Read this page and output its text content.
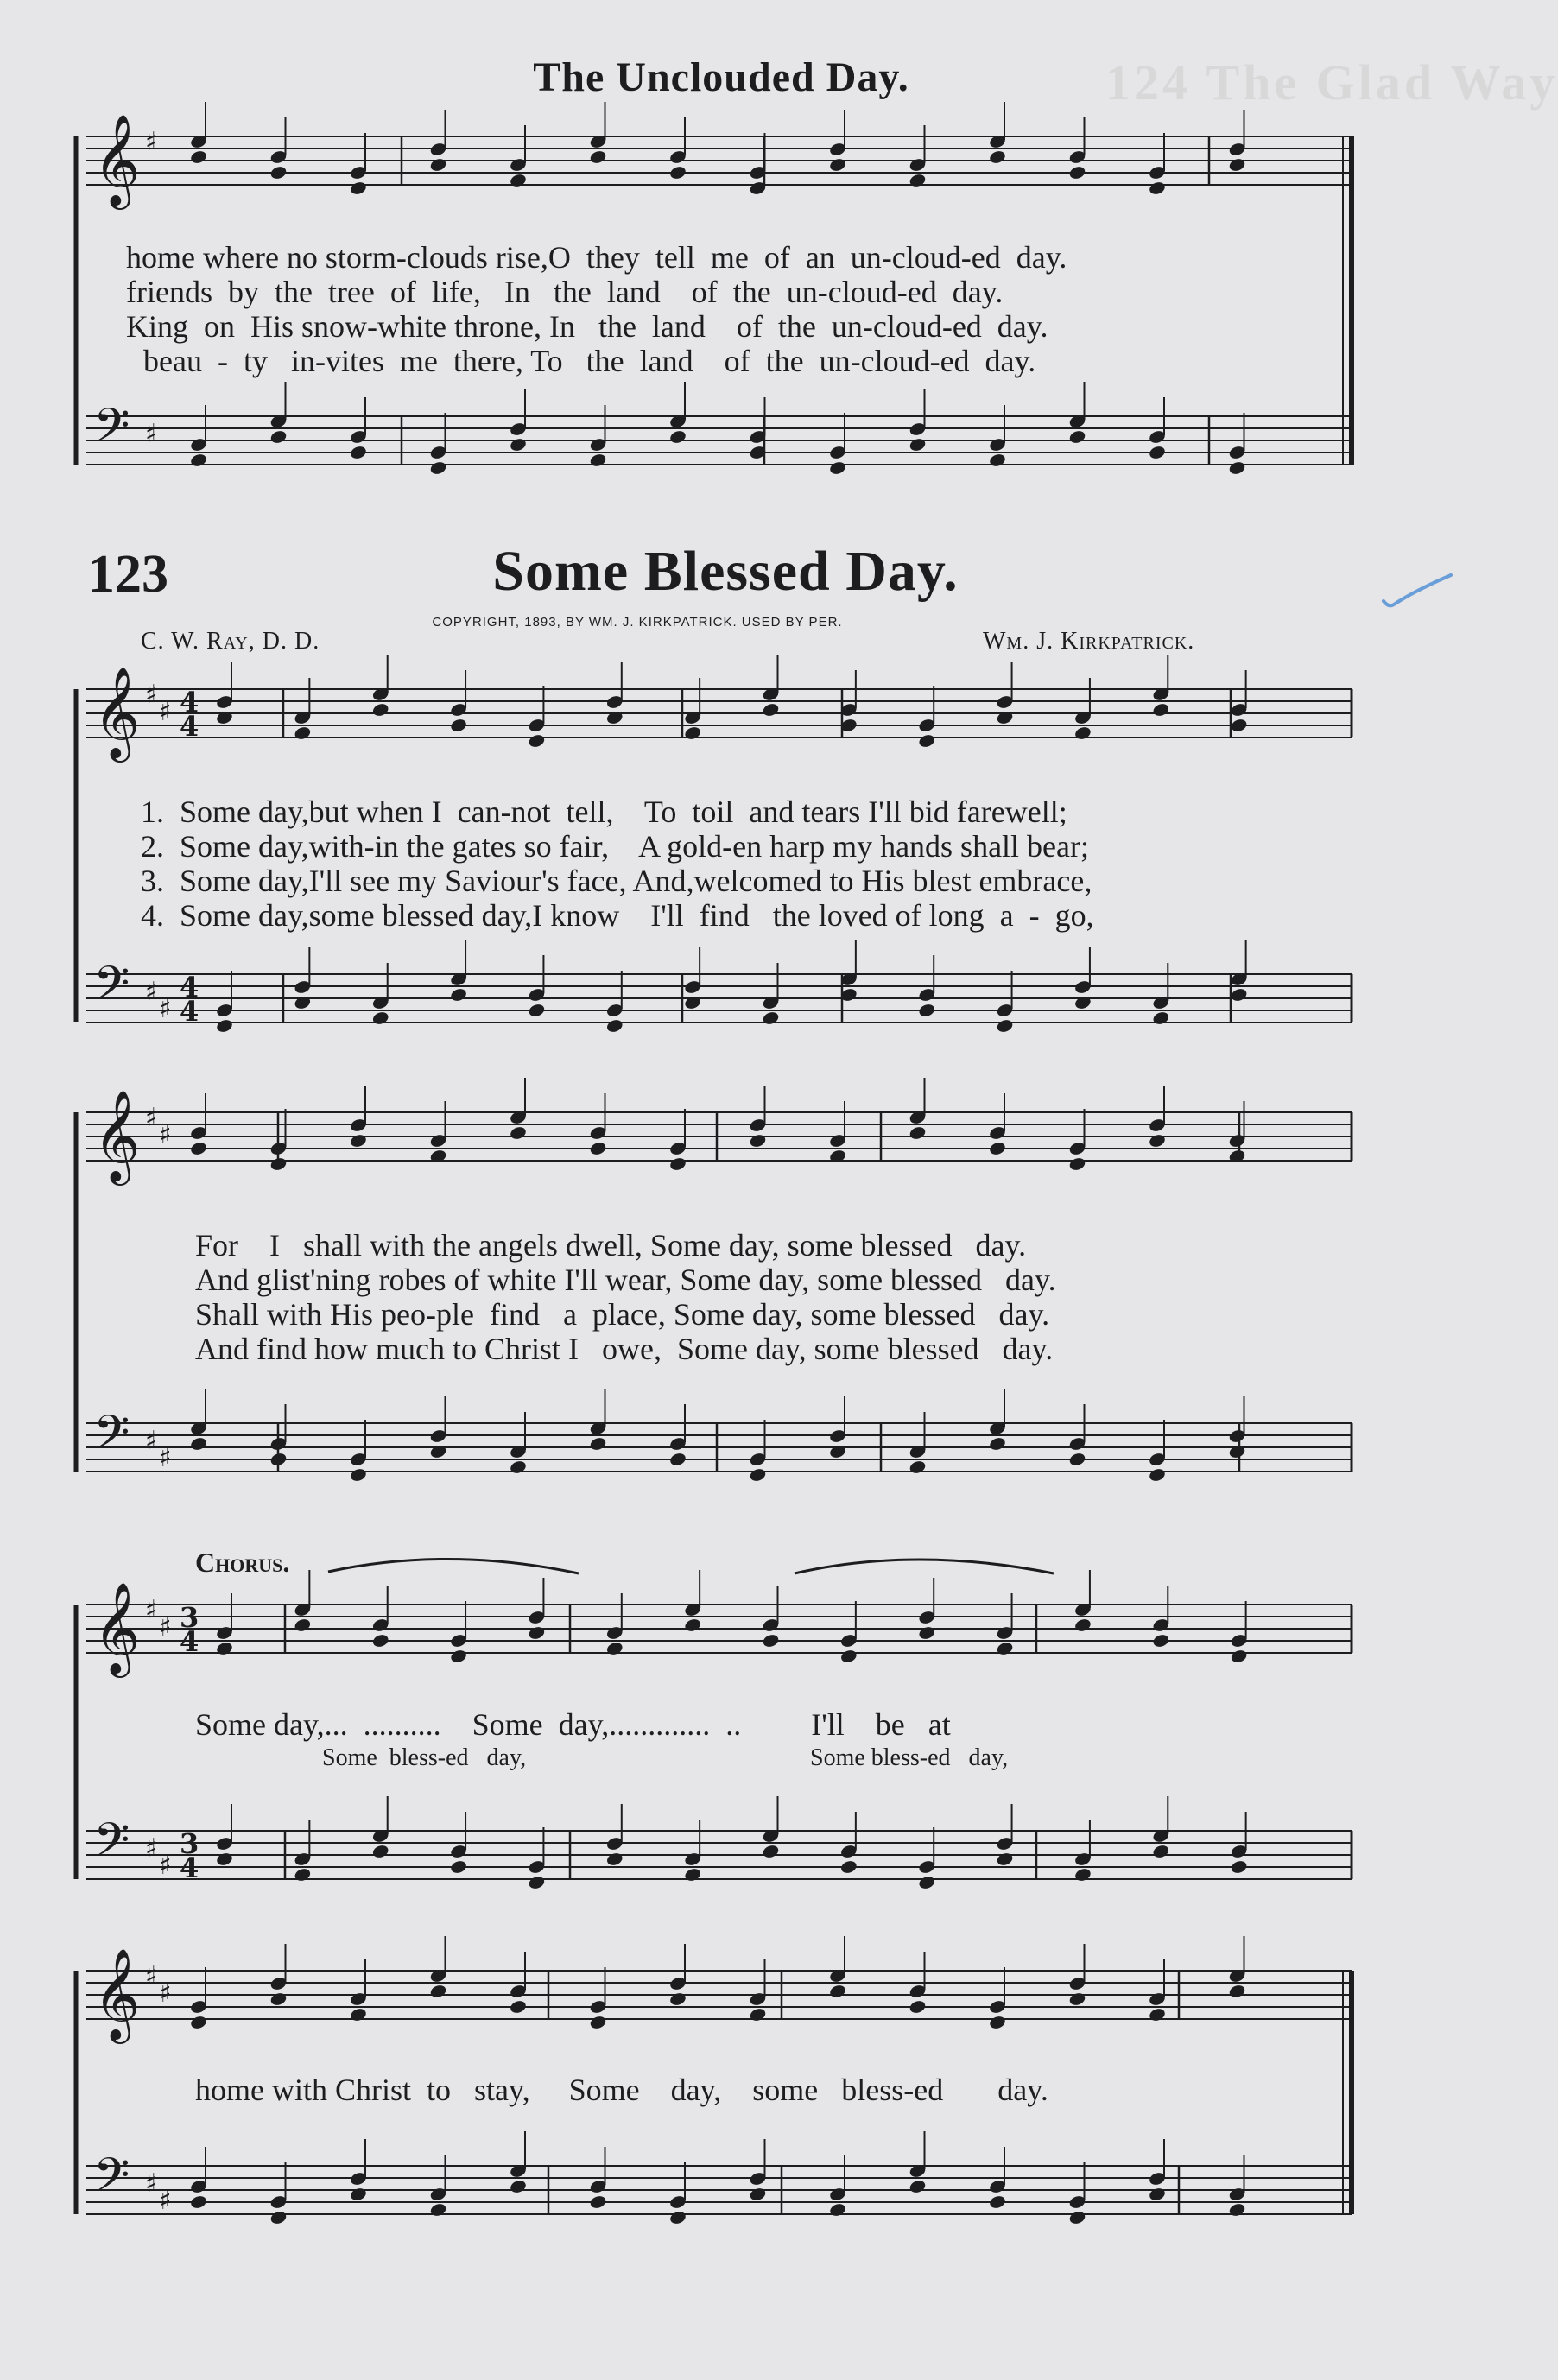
124 The Glad Way
The Unclouded Day.
home where no storm-clouds rise,O  they  tell  me  of  an  un-cloud-ed  day.
friends  by  the  tree  of  life,   In   the  land    of  the  un-cloud-ed  day.
King  on  His snow-white throne, In   the  land    of  the  un-cloud-ed  day.
beau  -  ty   in-vites  me  there, To   the  land    of  the  un-cloud-ed  day.
123	Some Blessed Day.
COPYRIGHT, 1893, BY WM. J. KIRKPATRICK. USED BY PER.
C. W. Ray, D. D.	Wm. J. Kirkpatrick.
1.  Some day,but when I  can-not  tell,    To  toil  and tears I'll bid farewell;
2.  Some day,with-in the gates so fair,    A gold-en harp my hands shall bear;
3.  Some day,I'll see my Saviour's face, And,welcomed to His blest embrace,
4.  Some day,some blessed day,I know    I'll  find   the loved of long  a  -  go,
For    I   shall with the angels dwell, Some day, some blessed   day.
And glist'ning robes of white I'll wear, Some day, some blessed   day.
Shall with His peo-ple  find   a  place, Some day, some blessed   day.
And find how much to Christ I   owe,  Some day, some blessed   day.
Chorus.
Some day,...  ..........    Some  day,.............  ..         I'll    be   at
Some  bless-ed   day,	Some bless-ed   day,
home with Christ  to   stay,     Some    day,    some   bless-ed       day.
𝄞 ♯
𝄢 ♯
𝄞 ♯
♯ 4
4
𝄢 ♯
♯
4
4
𝄞 ♯
♯
𝄢 ♯
♯
𝄞 ♯
♯ 3
4
𝄢 ♯
♯
3
4
𝄞 ♯
♯
𝄢 ♯
♯
